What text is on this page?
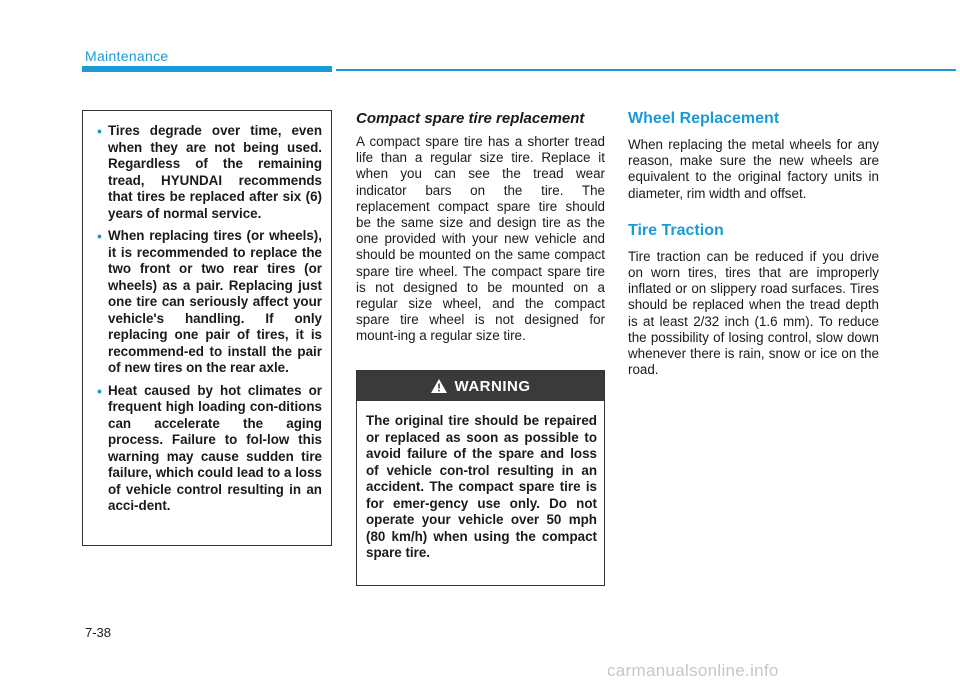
Maintenance
• Tires degrade over time, even when they are not being used. Regardless of the remaining tread, HYUNDAI recommends that tires be replaced after six (6) years of normal service.
• When replacing tires (or wheels), it is recommended to replace the two front or two rear tires (or wheels) as a pair. Replacing just one tire can seriously affect your vehicle's handling. If only replacing one pair of tires, it is recommend-ed to install the pair of new tires on the rear axle.
• Heat caused by hot climates or frequent high loading con-ditions can accelerate the aging process. Failure to fol-low this warning may cause sudden tire failure, which could lead to a loss of vehicle control resulting in an acci-dent.
Compact spare tire replacement

A compact spare tire has a shorter tread life than a regular size tire. Replace it when you can see the tread wear indicator bars on the tire. The replacement compact spare tire should be the same size and design tire as the one provided with your new vehicle and should be mounted on the same compact spare tire wheel. The compact spare tire is not designed to be mounted on a regular size wheel, and the compact spare tire wheel is not designed for mount-ing a regular size tire.

WARNING
The original tire should be repaired or replaced as soon as possible to avoid failure of the spare and loss of vehicle con-trol resulting in an accident. The compact spare tire is for emer-gency use only. Do not operate your vehicle over 50 mph (80 km/h) when using the compact spare tire.
Wheel Replacement

When replacing the metal wheels for any reason, make sure the new wheels are equivalent to the original factory units in diameter, rim width and offset.

Tire Traction

Tire traction can be reduced if you drive on worn tires, tires that are improperly inflated or on slippery road surfaces. Tires should be replaced when the tread depth is at least 2/32 inch (1.6 mm). To reduce the possibility of losing control, slow down whenever there is rain, snow or ice on the road.

7-38
carmanualsonline.info
